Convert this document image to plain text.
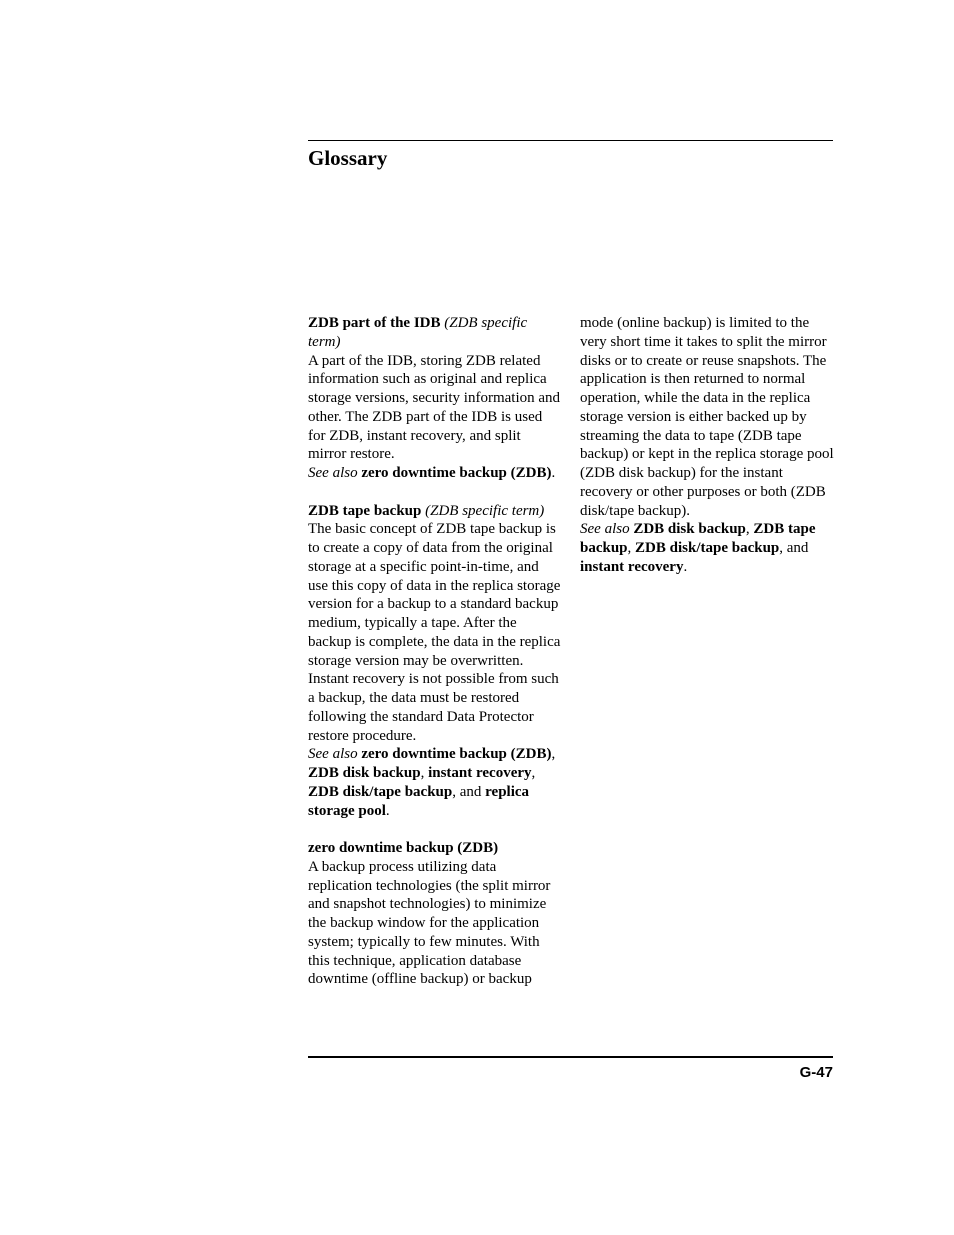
Glossary

ZDB part of the IDB (ZDB specific term)

A part of the IDB, storing ZDB related information such as original and replica storage versions, security information and other. The ZDB part of the IDB is used for ZDB, instant recovery, and split mirror restore.

See also zero downtime backup (ZDB).

ZDB tape backup (ZDB specific term)

The basic concept of ZDB tape backup is to create a copy of data from the original storage at a specific point-in-time, and use this copy of data in the replica storage version for a backup to a standard backup medium, typically a tape. After the backup is complete, the data in the replica storage version may be overwritten. Instant recovery is not possible from such a backup, the data must be restored following the standard Data Protector restore procedure.

See also zero downtime backup (ZDB), ZDB disk backup, instant recovery, ZDB disk/tape backup, and replica storage pool.

zero downtime backup (ZDB)

A backup process utilizing data replication technologies (the split mirror and snapshot technologies) to minimize the backup window for the application system; typically to few minutes. With this technique, application database downtime (offline backup) or backup

mode (online backup) is limited to the very short time it takes to split the mirror disks or to create or reuse snapshots. The application is then returned to normal operation, while the data in the replica storage version is either backed up by streaming the data to tape (ZDB tape backup) or kept in the replica storage pool (ZDB disk backup) for the instant recovery or other purposes or both (ZDB disk/tape backup).

See also ZDB disk backup, ZDB tape backup, ZDB disk/tape backup, and instant recovery.

G-47
